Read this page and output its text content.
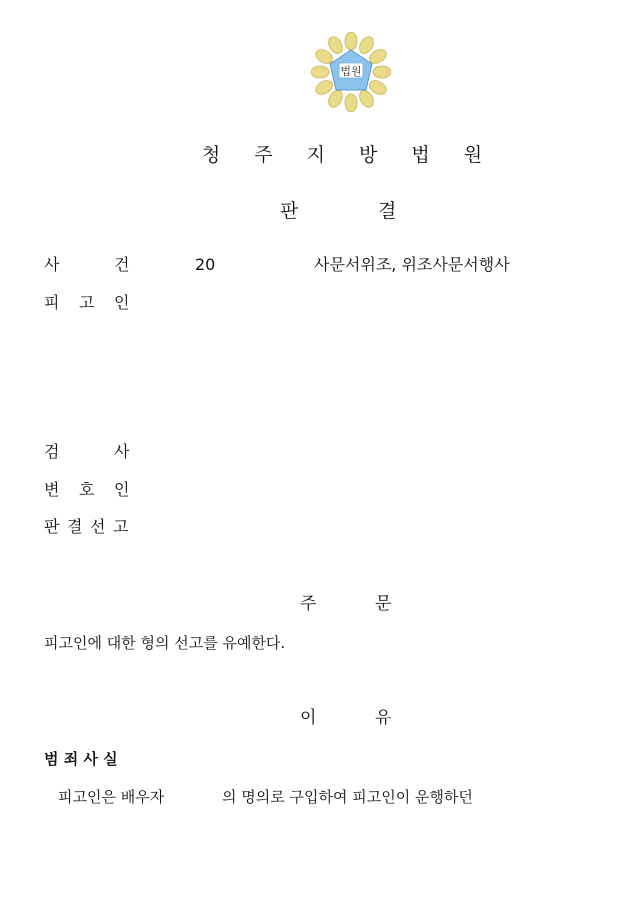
법원
청 주 지 방 법 원
판	결
사	건	20	사문서위조, 위조사문서행사
피 고 인
검	사
변 호 인
판 결 선 고
주	문
피고인에 대한 형의 선고를 유예한다.
이	유
범 죄 사 실
피고인은 배우자	의 명의로 구입하여 피고인이 운행하던
